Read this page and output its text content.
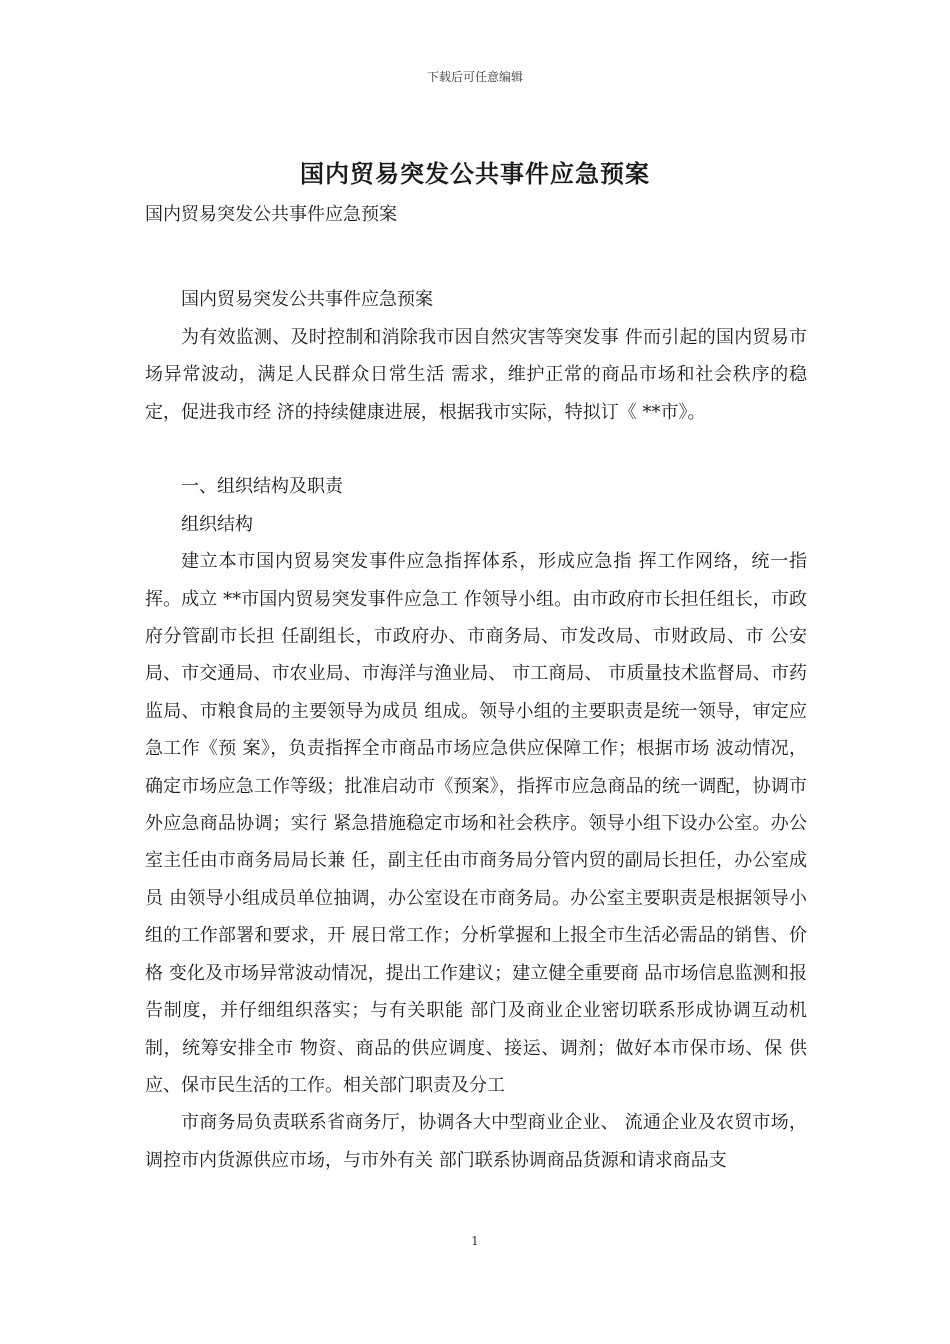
下载后可任意编辑
国内贸易突发公共事件应急预案

国内贸易突发公共事件应急预案

国内贸易突发公共事件应急预案

为有效监测、及时控制和消除我市因自然灾害等突发事 件而引起的国内贸易市场异常波动，满足人民群众日常生活 需求，维护正常的商品市场和社会秩序的稳定，促进我市经 济的持续健康进展，根据我市实际，特拟订《 **市》。

一、组织结构及职责

组织结构

建立本市国内贸易突发事件应急指挥体系，形成应急指 挥工作网络，统一指挥。成立 **市国内贸易突发事件应急工 作领导小组。由市政府市长担任组长，市政府分管副市长担 任副组长，市政府办、市商务局、市发改局、市财政局、市 公安局、市交通局、市农业局、市海洋与渔业局、 市工商局、 市质量技术监督局、市药监局、市粮食局的主要领导为成员 组成。领导小组的主要职责是统一领导，审定应急工作《预 案》，负责指挥全市商品市场应急供应保障工作；根据市场 波动情况，确定市场应急工作等级；批准启动市《预案》，指挥市应急商品的统一调配，协调市外应急商品协调；实行 紧急措施稳定市场和社会秩序。领导小组下设办公室。办公室主任由市商务局局长兼 任，副主任由市商务局分管内贸的副局长担任，办公室成员 由领导小组成员单位抽调，办公室设在市商务局。办公室主要职责是根据领导小组的工作部署和要求，开 展日常工作；分析掌握和上报全市生活必需品的销售、价格 变化及市场异常波动情况，提出工作建议；建立健全重要商 品市场信息监测和报告制度，并仔细组织落实；与有关职能 部门及商业企业密切联系形成协调互动机制，统筹安排全市 物资、商品的供应调度、接运、调剂；做好本市保市场、保 供应、保市民生活的工作。相关部门职责及分工

市商务局负责联系省商务厅，协调各大中型商业企业、 流通企业及农贸市场，调控市内货源供应市场，与市外有关 部门联系协调商品货源和请求商品支

1
